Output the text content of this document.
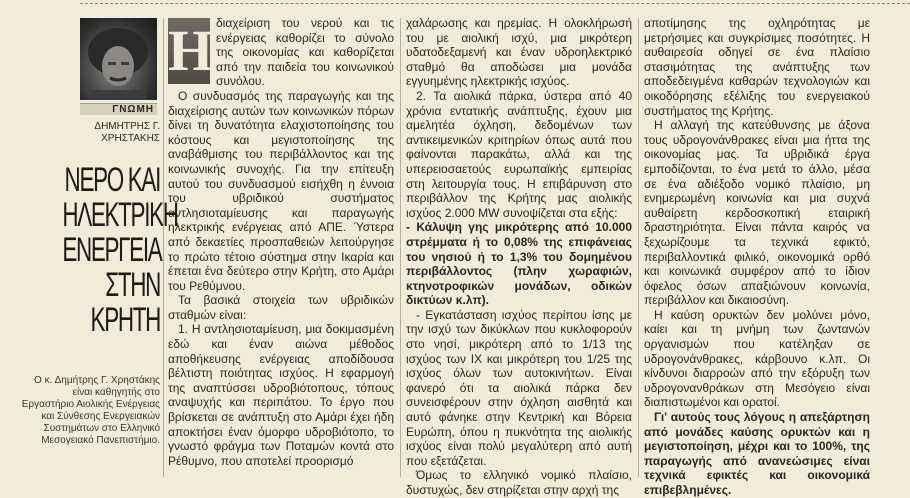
ΓΝΩΜΗ
ΔΗΜΗΤΡΗΣ Γ. ΧΡΗΣΤΑΚΗΣ
ΝΕΡΟ ΚΑΙ ΗΛΕΚΤΡΙΚΗ ΕΝΕΡΓΕΙΑ ΣΤΗΝ ΚΡΗΤΗ
Ο κ. Δημήτρης Γ. Χρηστάκης είναι καθηγητής στο Εργαστήριο Αιολικής Ενέργειας και Σύνθεσης Ενεργειακών Συστημάτων στο Ελληνικό Μεσογειακό Πανεπιστήμιο.
Η διαχείριση του νερού και τις ενέργειας καθορίζει το σύνολο της οικονομίας και καθορίζεται από την παιδεία του κοινωνικού συνόλου.

Ο συνδυασμός της παραγωγής και της διαχείρισης αυτών των κοινωνικών πόρων δίνει τη δυνατότητα ελαχιστοποίησης του κόστους και μεγιστοποίησης της αναβάθμισης του περιβάλλοντος και της κοινωνικής συνοχής. Για την επίτευξη αυτού του συνδυασμού εισήχθη η έννοια του υβριδικού συστήματος αντλησιοταμίευσης και παραγωγής ηλεκτρικής ενέργειας από ΑΠΕ. Ύστερα από δεκαετίες προσπαθειών λειτούργησε το πρώτο τέτοιο σύστημα στην Ικαρία και έπεται ένα δεύτερο στην Κρήτη, στο Αμάρι του Ρεθύμνου.

Τα βασικά στοιχεία των υβριδικών σταθμών είναι:

1. Η αντλησιοταμίευση, μια δοκιμασμένη εδώ και έναν αιώνα μέθοδος αποθήκευσης ενέργειας αποδίδουσα βέλτιστη ποιότητας ισχύος. Η εφαρμογή της αναπτύσσει υδροβιότοπους, τόπους αναψυχής και περιπάτου. Το έργο που βρίσκεται σε ανάπτυξη στο Αμάρι έχει ήδη αποκτήσει έναν όμορφο υδροβιότοπο, το γνωστό φράγμα των Ποταμών κοντά στο Ρέθυμνο, που αποτελεί προορισμό

χαλάρωσης και ηρεμίας. Η ολοκλήρωσή του με αιολική ισχύ, μια μικρότερη υδατοδεξαμενή και έναν υδροηλεκτρικό σταθμό θα αποδώσει μια μονάδα εγγυημένης ηλεκτρικής ισχύος.

2. Τα αιολικά πάρκα, ύστερα από 40 χρόνια εντατικής ανάπτυξης, έχουν μια αμελητέα όχληση, δεδομένων των αντικειμενικών κριτηρίων όπως αυτά που φαίνονται παρακάτω, αλλά και της υπερειοσαετούς ευρωπαϊκής εμπειρίας στη λειτουργία τους. Η επιβάρυνση στο περιβάλλον της Κρήτης μας αιολικής ισχύος 2.000 MW συνοψίζεται στα εξής:

- Κάλυψη γης μικρότερης από 10.000 στρέμματα ή το 0,08% της επιφάνειας του νησιού ή το 1,3% του δομημένου περιβάλλοντος (πλην χωραφιών, κτηνοτροφικών μονάδων, οδικών δικτύων κ.λπ).

- Εγκατάσταση ισχύος περίπου ίσης με την ισχύ των δικύκλων που κυκλοφορούν στο νησί, μικρότερη από το 1/13 της ισχύος των ΙΧ και μικρότερη του 1/25 της ισχύος όλων των αυτοκινήτων. Είναι φανερό ότι τα αιολικά πάρκα δεν συνεισφέρουν στην όχληση αισθητά και αυτό φάνηκε στην Κεντρική και Βόρεια Ευρώπη, όπου η πυκνότητα της αιολικής ισχύος είναι πολύ μεγαλύτερη από αυτή που εξετάζεται.

Όμως το ελληνικό νομικό πλαίσιο, δυστυχώς, δεν στηρίζεται στην αρχή της

αποτίμησης της οχληρότητας με μετρήσιμες και συγκρίσιμες ποσότητες. Η αυθαιρεσία οδηγεί σε ένα πλαίσιο στασιμότητας της ανάπτυξης των αποδεδειγμένα καθαρών τεχνολογιών και οικοδόρησης εξέλιξης του ενεργειακού συστήματος της Κρήτης.

Η αλλαγή της κατεύθυνσης με άξονα τους υδρογονάνθρακες είναι μια ήττα της οικονομίας μας. Τα υβριδικά έργα εμποδίζονται, το ένα μετά το άλλο, μέσα σε ένα αδιέξοδο νομικό πλαίσιο, μη ενημερωμένη κοινωνία και μια συχνά αυθαίρετη κερδοσκοπική εταιρική δραστηριότητα. Είναι πάντα καιρός να ξεχωρίζουμε τα τεχνικά εφικτό, περιβαλλοντικά φιλικό, οικονομικά ορθό και κοινωνικά συμφέρον από το ίδιον όφελος όσων απαξιώνουν κοινωνία, περιβάλλον και δικαιοσύνη.

Η καύση ορυκτών δεν μολύνει μόνο, καίει και τη μνήμη των ζωντανών οργανισμών που κατέληξαν σε υδρογονάνθρακες, κάρβουνο κ.λπ. Οι κίνδυνοι διαρροών από την εξόρυξη των υδρογονανθράκων στη Μεσόγειο είναι διαπιστωμένοι και ορατοί.

Γι' αυτούς τους λόγους η απεξάρτηση από μονάδες καύσης ορυκτών και η μεγιστοποίηση, μέχρι και το 100%, της παραγωγής από ανανεώσιμες είναι τεχνικά εφικτές και οικονομικά επιβεβλημένες.
